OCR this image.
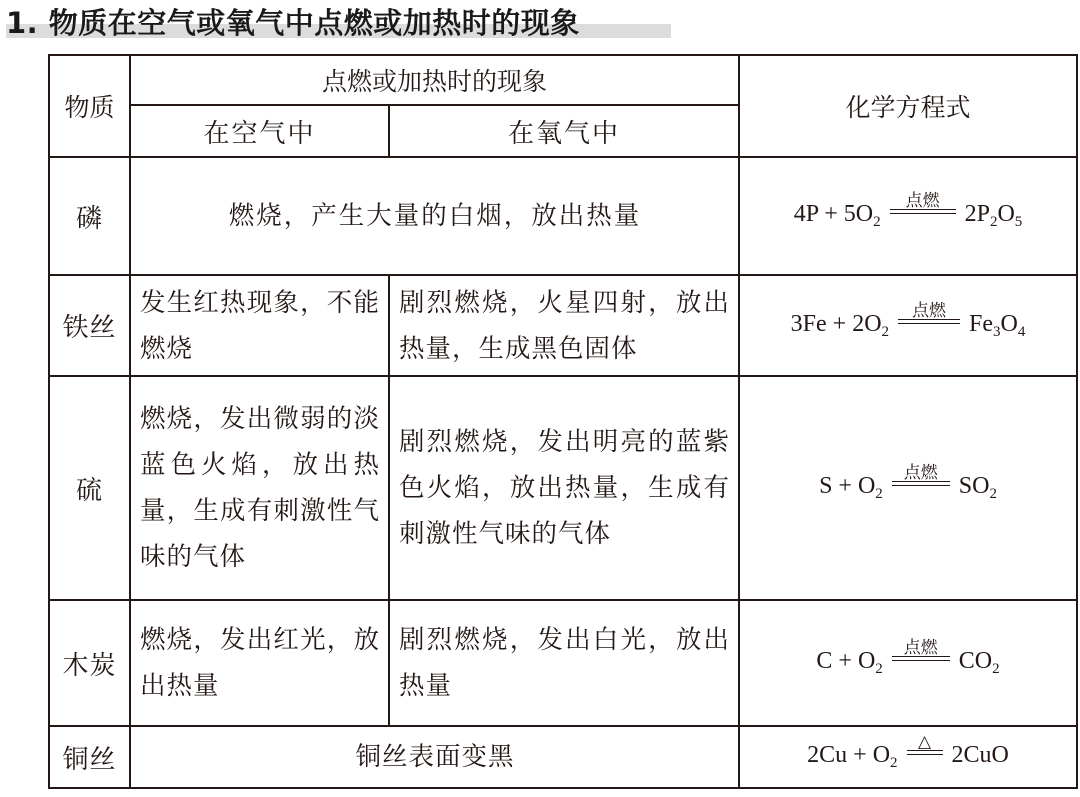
1. 物质在空气或氧气中点燃或加热时的现象
物质	点燃或加热时的现象		化学方程式
	在空气中	在氧气中	
磷	燃烧，产生大量的白烟，放出热量		$4P + 5O_2$
点燃 $2P_2O_5$
铁丝	发生红热现象，不能燃烧	剧烈燃烧，火星四射，放出热量，生成黑色固体	$3Fe + 2O_2$
点燃 $Fe_3O_4$
硫	燃烧，发出微弱的淡蓝色火焰，放出热量，生成有刺激性气味的气体	剧烈燃烧，发出明亮的蓝紫色火焰，放出热量，生成有刺激性气味的气体	$S + O_2$
点燃 $SO_2$
木炭	燃烧，发出红光，放出热量	剧烈燃烧，发出白光，放出热量	$C + O_2$
点燃 $CO_2$
铜丝	铜丝表面变黑		$2Cu + O_2$
△ 2CuO
